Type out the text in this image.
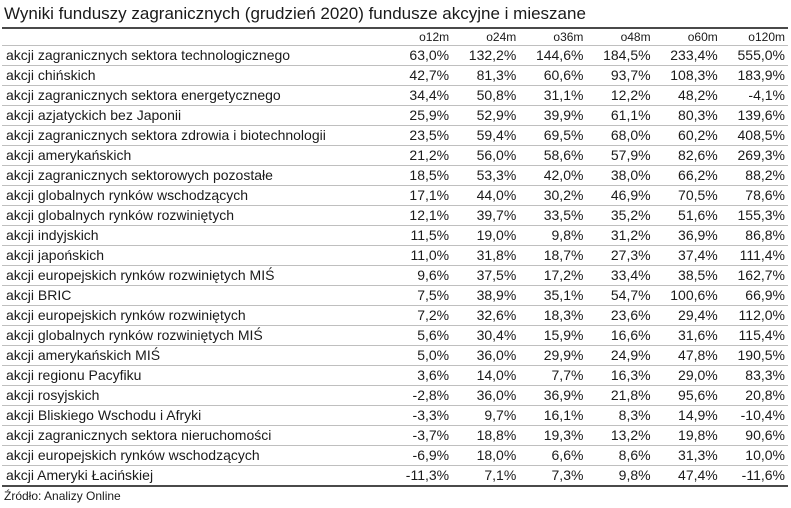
Wyniki funduszy zagranicznych (grudzień 2020) fundusze akcyjne i mieszane
	o12m	o24m	o36m	o48m	o60m	o120m
akcji zagranicznych sektora technologicznego	63,0%	132,2%	144,6%	184,5%	233,4%	555,0%
akcji chińskich	42,7%	81,3%	60,6%	93,7%	108,3%	183,9%
akcji zagranicznych sektora energetycznego	34,4%	50,8%	31,1%	12,2%	48,2%	-4,1%
akcji azjatyckich bez Japonii	25,9%	52,9%	39,9%	61,1%	80,3%	139,6%
akcji zagranicznych sektora zdrowia i biotechnologii	23,5%	59,4%	69,5%	68,0%	60,2%	408,5%
akcji amerykańskich	21,2%	56,0%	58,6%	57,9%	82,6%	269,3%
akcji zagranicznych sektorowych pozostałe	18,5%	53,3%	42,0%	38,0%	66,2%	88,2%
akcji globalnych rynków wschodzących	17,1%	44,0%	30,2%	46,9%	70,5%	78,6%
akcji globalnych rynków rozwiniętych	12,1%	39,7%	33,5%	35,2%	51,6%	155,3%
akcji indyjskich	11,5%	19,0%	9,8%	31,2%	36,9%	86,8%
akcji japońskich	11,0%	31,8%	18,7%	27,3%	37,4%	111,4%
akcji europejskich rynków rozwiniętych MIŚ	9,6%	37,5%	17,2%	33,4%	38,5%	162,7%
akcji BRIC	7,5%	38,9%	35,1%	54,7%	100,6%	66,9%
akcji europejskich rynków rozwiniętych	7,2%	32,6%	18,3%	23,6%	29,4%	112,0%
akcji globalnych rynków rozwiniętych MIŚ	5,6%	30,4%	15,9%	16,6%	31,6%	115,4%
akcji amerykańskich MIŚ	5,0%	36,0%	29,9%	24,9%	47,8%	190,5%
akcji regionu Pacyfiku	3,6%	14,0%	7,7%	16,3%	29,0%	83,3%
akcji rosyjskich	-2,8%	36,0%	36,9%	21,8%	95,6%	20,8%
akcji Bliskiego Wschodu i Afryki	-3,3%	9,7%	16,1%	8,3%	14,9%	-10,4%
akcji zagranicznych sektora nieruchomości	-3,7%	18,8%	19,3%	13,2%	19,8%	90,6%
akcji europejskich rynków wschodzących	-6,9%	18,0%	6,6%	8,6%	31,3%	10,0%
akcji Ameryki Łacińskiej	-11,3%	7,1%	7,3%	9,8%	47,4%	-11,6%
Źródło: Analizy Online
